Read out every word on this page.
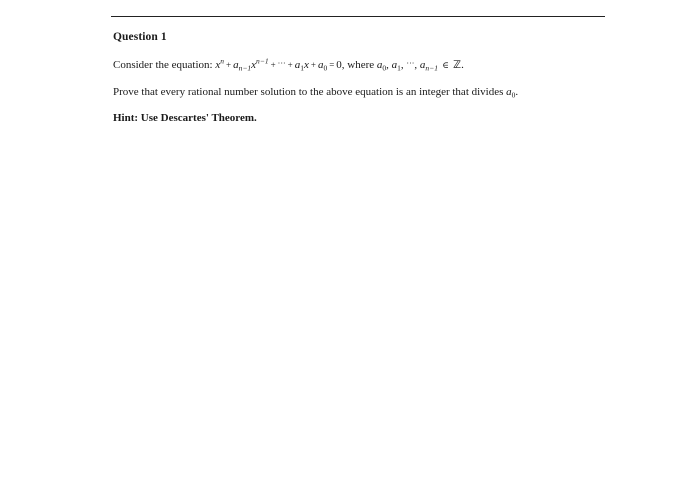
Question 1
Consider the equation: $x^n + a_{n-1}x^{n-1}$ + ··· + $a_1x + a_0 = 0$, where $a_0$, $a_1$, ···, $a_{n-1}$ ∈ ℤ.
Prove that every rational number solution to the above equation is an integer that divides $a_0$.
Hint: Use Descartes' Theorem.
